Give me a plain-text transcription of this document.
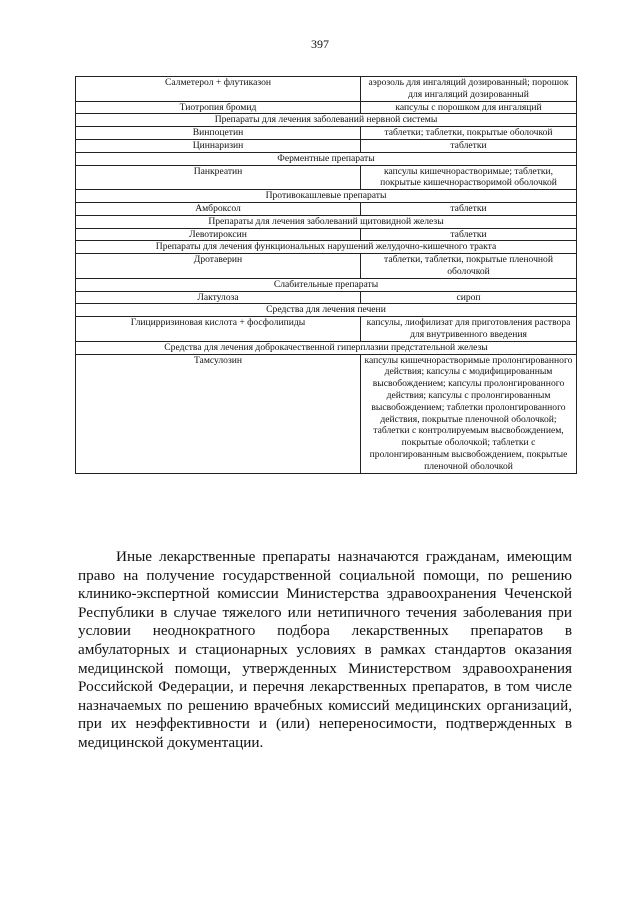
397
Салметерол + флутиказон	аэрозоль для ингаляций дозированный; порошок для ингаляций дозированный
Тиотропия бромид	капсулы с порошком для ингаляций
Препараты для лечения заболеваний нервной системы	
Винпоцетин	таблетки; таблетки, покрытые оболочкой
Циннаризин	таблетки
Ферментные препараты	
Панкреатин	капсулы кишечнорастворимые; таблетки, покрытые кишечнорастворимой оболочкой
Противокашлевые препараты	
Амброксол	таблетки
Препараты для лечения заболеваний щитовидной железы	
Левотироксин	таблетки
Препараты для лечения функциональных нарушений желудочно-кишечного тракта	
Дротаверин	таблетки, таблетки, покрытые пленочной оболочкой
Слабительные препараты	
Лактулоза	сироп
Средства для лечения печени	
Глицирризиновая кислота + фосфолипиды	капсулы, лиофилизат для приготовления раствора для внутривенного введения
Средства для лечения доброкачественной гиперплазии предстательной железы	
Тамсулозин	капсулы кишечнорастворимые пролонгированного действия; капсулы с модифицированным высвобождением; капсулы пролонгированного действия; капсулы с пролонгированным высвобождением; таблетки пролонгированного действия, покрытые пленочной оболочкой; таблетки с контролируемым высвобождением, покрытые оболочкой; таблетки с пролонгированным высвобождением, покрытые пленочной оболочкой

Иные лекарственные препараты назначаются гражданам, имеющим право на получение государственной социальной помощи, по решению клинико-экспертной комиссии Министерства здравоохранения Чеченской Республики в случае тяжелого или нетипичного течения заболевания при условии неоднократного подбора лекарственных препаратов в амбулаторных и стационарных условиях в рамках стандартов оказания медицинской помощи, утвержденных Министерством здравоохранения Российской Федерации, и перечня лекарственных препаратов, в том числе назначаемых по решению врачебных комиссий медицинских организаций, при их неэффективности и (или) непереносимости, подтвержденных в медицинской документации.
